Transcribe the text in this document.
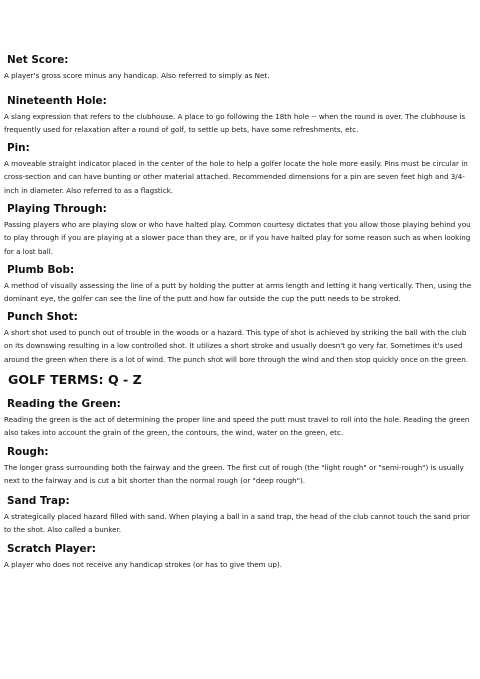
Net Score:
A player's gross score minus any handicap. Also referred to simply as Net.
Nineteenth Hole:
A slang expression that refers to the clubhouse. A place to go following the 18th hole -- when the round is over. The clubhouse is frequently used for relaxation after a round of golf, to settle up bets, have some refreshments, etc.
Pin:
A moveable straight indicator placed in the center of the hole to help a golfer locate the hole more easily. Pins must be circular in cross-section and can have bunting or other material attached. Recommended dimensions for a pin are seven feet high and 3/4-inch in diameter. Also referred to as a flagstick.
Playing Through:
Passing players who are playing slow or who have halted play. Common courtesy dictates that you allow those playing behind you to play through if you are playing at a slower pace than they are, or if you have halted play for some reason such as when looking for a lost ball.
Plumb Bob:
A method of visually assessing the line of a putt by holding the putter at arms length and letting it hang vertically. Then, using the dominant eye, the golfer can see the line of the putt and how far outside the cup the putt needs to be stroked.
Punch Shot:
A short shot used to punch out of trouble in the woods or a hazard. This type of shot is achieved by striking the ball with the club on its downswing resulting in a low controlled shot. It utilizes a short stroke and usually doesn't go very far. Sometimes it's used around the green when there is a lot of wind. The punch shot will bore through the wind and then stop quickly once on the green.
GOLF TERMS: Q - Z
Reading the Green:
Reading the green is the act of determining the proper line and speed the putt must travel to roll into the hole. Reading the green also takes into account the grain of the green, the contours, the wind, water on the green, etc.
Rough:
The longer grass surrounding both the fairway and the green. The first cut of rough (the "light rough" or "semi-rough") is usually next to the fairway and is cut a bit shorter than the normal rough (or "deep rough").
Sand Trap:
A strategically placed hazard filled with sand. When playing a ball in a sand trap, the head of the club cannot touch the sand prior to the shot. Also called a bunker.
Scratch Player:
A player who does not receive any handicap strokes (or has to give them up).
